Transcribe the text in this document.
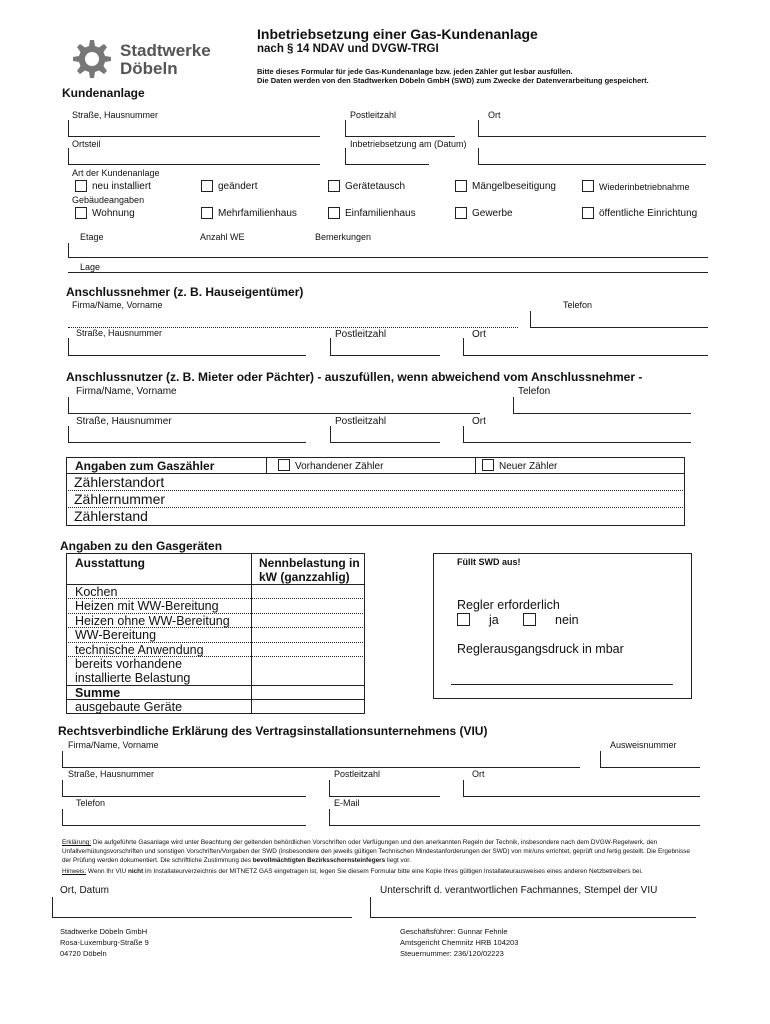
Stadtwerke
Döbeln
Inbetriebsetzung einer Gas-Kundenanlage
nach § 14 NDAV und DVGW-TRGI
Bitte dieses Formular für jede Gas-Kundenanlage bzw. jeden Zähler gut lesbar ausfüllen.
Die Daten werden von den Stadtwerken Döbeln GmbH (SWD) zum Zwecke der Datenverarbeitung gespeichert.
Kundenanlage
Straße, Hausnummer	Postleitzahl	Ort
Ortsteil	Inbetriebsetzung am (Datum)
Art der Kundenanlage
neu installiert	geändert	Gerätetausch	Mängelbeseitigung	Wiederinbetriebnahme
Gebäudeangaben
Wohnung	Mehrfamilienhaus	Einfamilienhaus	Gewerbe	öffentliche Einrichtung
Etage	Anzahl WE	Bemerkungen
Lage
Anschlussnehmer (z. B. Hauseigentümer)
Firma/Name, Vorname	Telefon
Straße, Hausnummer	Postleitzahl	Ort
Anschlussnutzer (z. B. Mieter oder Pächter) - auszufüllen, wenn abweichend vom Anschlussnehmer -
Firma/Name, Vorname	Telefon
Straße, Hausnummer	Postleitzahl	Ort
Angaben zum Gaszähler	Vorhandener Zähler	Neuer Zähler
Zählerstandort
Zählernummer
Zählerstand
Angaben zu den Gasgeräten
Ausstattung	Nennbelastung in
kW (ganzzahlig)
Kochen
Heizen mit WW-Bereitung
Heizen ohne WW-Bereitung
WW-Bereitung
technische Anwendung
bereits vorhandene
installierte Belastung
Summe
ausgebaute Geräte
Füllt SWD aus!
Regler erforderlich
ja	nein
Reglerausgangsdruck in mbar
Rechtsverbindliche Erklärung des Vertragsinstallationsunternehmens (VIU)
Firma/Name, Vorname	Ausweisnummer
Straße, Hausnummer	Postleitzahl	Ort
Telefon	E-Mail
Erklärung: Die aufgeführte Gasanlage wird unter Beachtung der geltenden behördlichen Vorschriften oder Verfügungen und den anerkannten Regeln der Technik, insbesondere nach dem DVGW-Regelwerk, den
Unfallverhütungsvorschriften und sonstigen Vorschriften/Vorgaben der SWD (insbesondere den jeweils gültigen Technischen Mindestanforderungen der SWD) von mir/uns errichtet, geprüft und fertig gestellt. Die Ergebnisse
der Prüfung werden dokumentiert. Die schriftliche Zustimmung des bevollmächtigten Bezirksschornsteinfegers liegt vor.
Hinweis: Wenn Ihr VIU nicht im Installateurverzeichnis der MITNETZ GAS eingetragen ist, legen Sie diesem Formular bitte eine Kopie Ihres gültigen Installateurausweises eines anderen Netzbetreibers bei.
Ort, Datum	Unterschrift d. verantwortlichen Fachmannes, Stempel der VIU
Stadtwerke Döbeln GmbH
Rosa-Luxemburg-Straße 9
04720 Döbeln
Geschäftsführer: Gunnar Fehnle
Amtsgericht Chemnitz HRB 104203
Steuernummer: 236/120/02223
